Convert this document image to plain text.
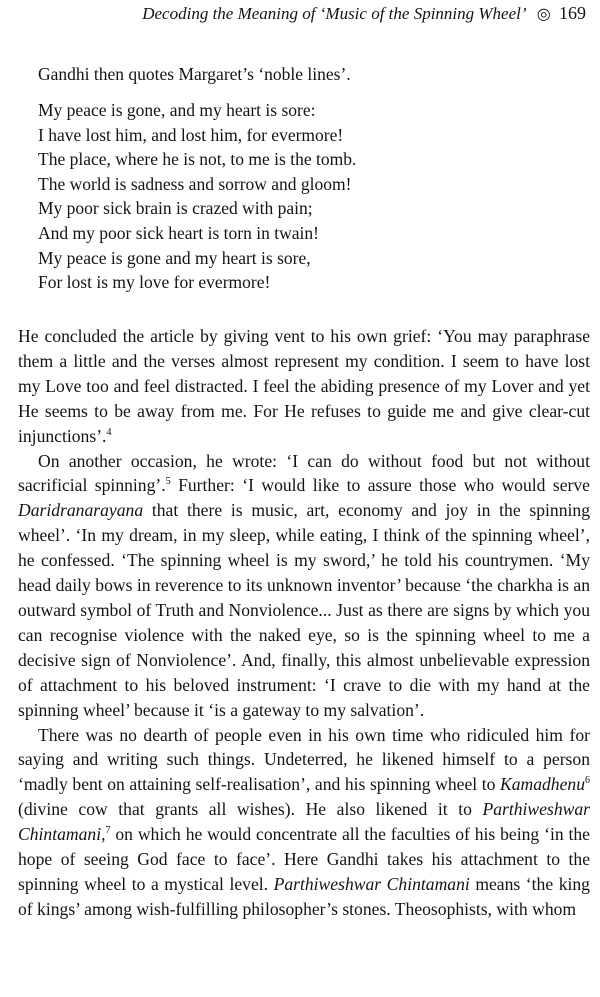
Decoding the Meaning of ‘Music of the Spinning Wheel’ ◎ 169
Gandhi then quotes Margaret’s ‘noble lines’.
My peace is gone, and my heart is sore:
I have lost him, and lost him, for evermore!
The place, where he is not, to me is the tomb.
The world is sadness and sorrow and gloom!
My poor sick brain is crazed with pain;
And my poor sick heart is torn in twain!
My peace is gone and my heart is sore,
For lost is my love for evermore!

He concluded the article by giving vent to his own grief: ‘You may paraphrase them a little and the verses almost represent my condition. I seem to have lost my Love too and feel distracted. I feel the abiding presence of my Lover and yet He seems to be away from me. For He refuses to guide me and give clear-cut injunctions’.$^4$

On another occasion, he wrote: ‘I can do without food but not without sacrificial spinning’.$^5$ Further: ‘I would like to assure those who would serve Daridranarayana that there is music, art, economy and joy in the spinning wheel’. ‘In my dream, in my sleep, while eating, I think of the spinning wheel’, he confessed. ‘The spinning wheel is my sword,’ he told his countrymen. ‘My head daily bows in reverence to its unknown inventor’ because ‘the charkha is an outward symbol of Truth and Nonviolence... Just as there are signs by which you can recognise violence with the naked eye, so is the spinning wheel to me a decisive sign of Nonviolence’. And, finally, this almost unbelievable expression of attachment to his beloved instrument: ‘I crave to die with my hand at the spinning wheel’ because it ‘is a gateway to my salvation’.

There was no dearth of people even in his own time who ridiculed him for saying and writing such things. Undeterred, he likened himself to a person ‘madly bent on attaining self-realisation’, and his spinning wheel to Kamadhenu$^6$ (divine cow that grants all wishes). He also likened it to Parthiweshwar Chintamani,$^7$ on which he would concentrate all the faculties of his being ‘in the hope of seeing God face to face’. Here Gandhi takes his attachment to the spinning wheel to a mystical level. Parthiweshwar Chintamani means ‘the king of kings’ among wish-fulfilling philosopher’s stones. Theosophists, with whom
